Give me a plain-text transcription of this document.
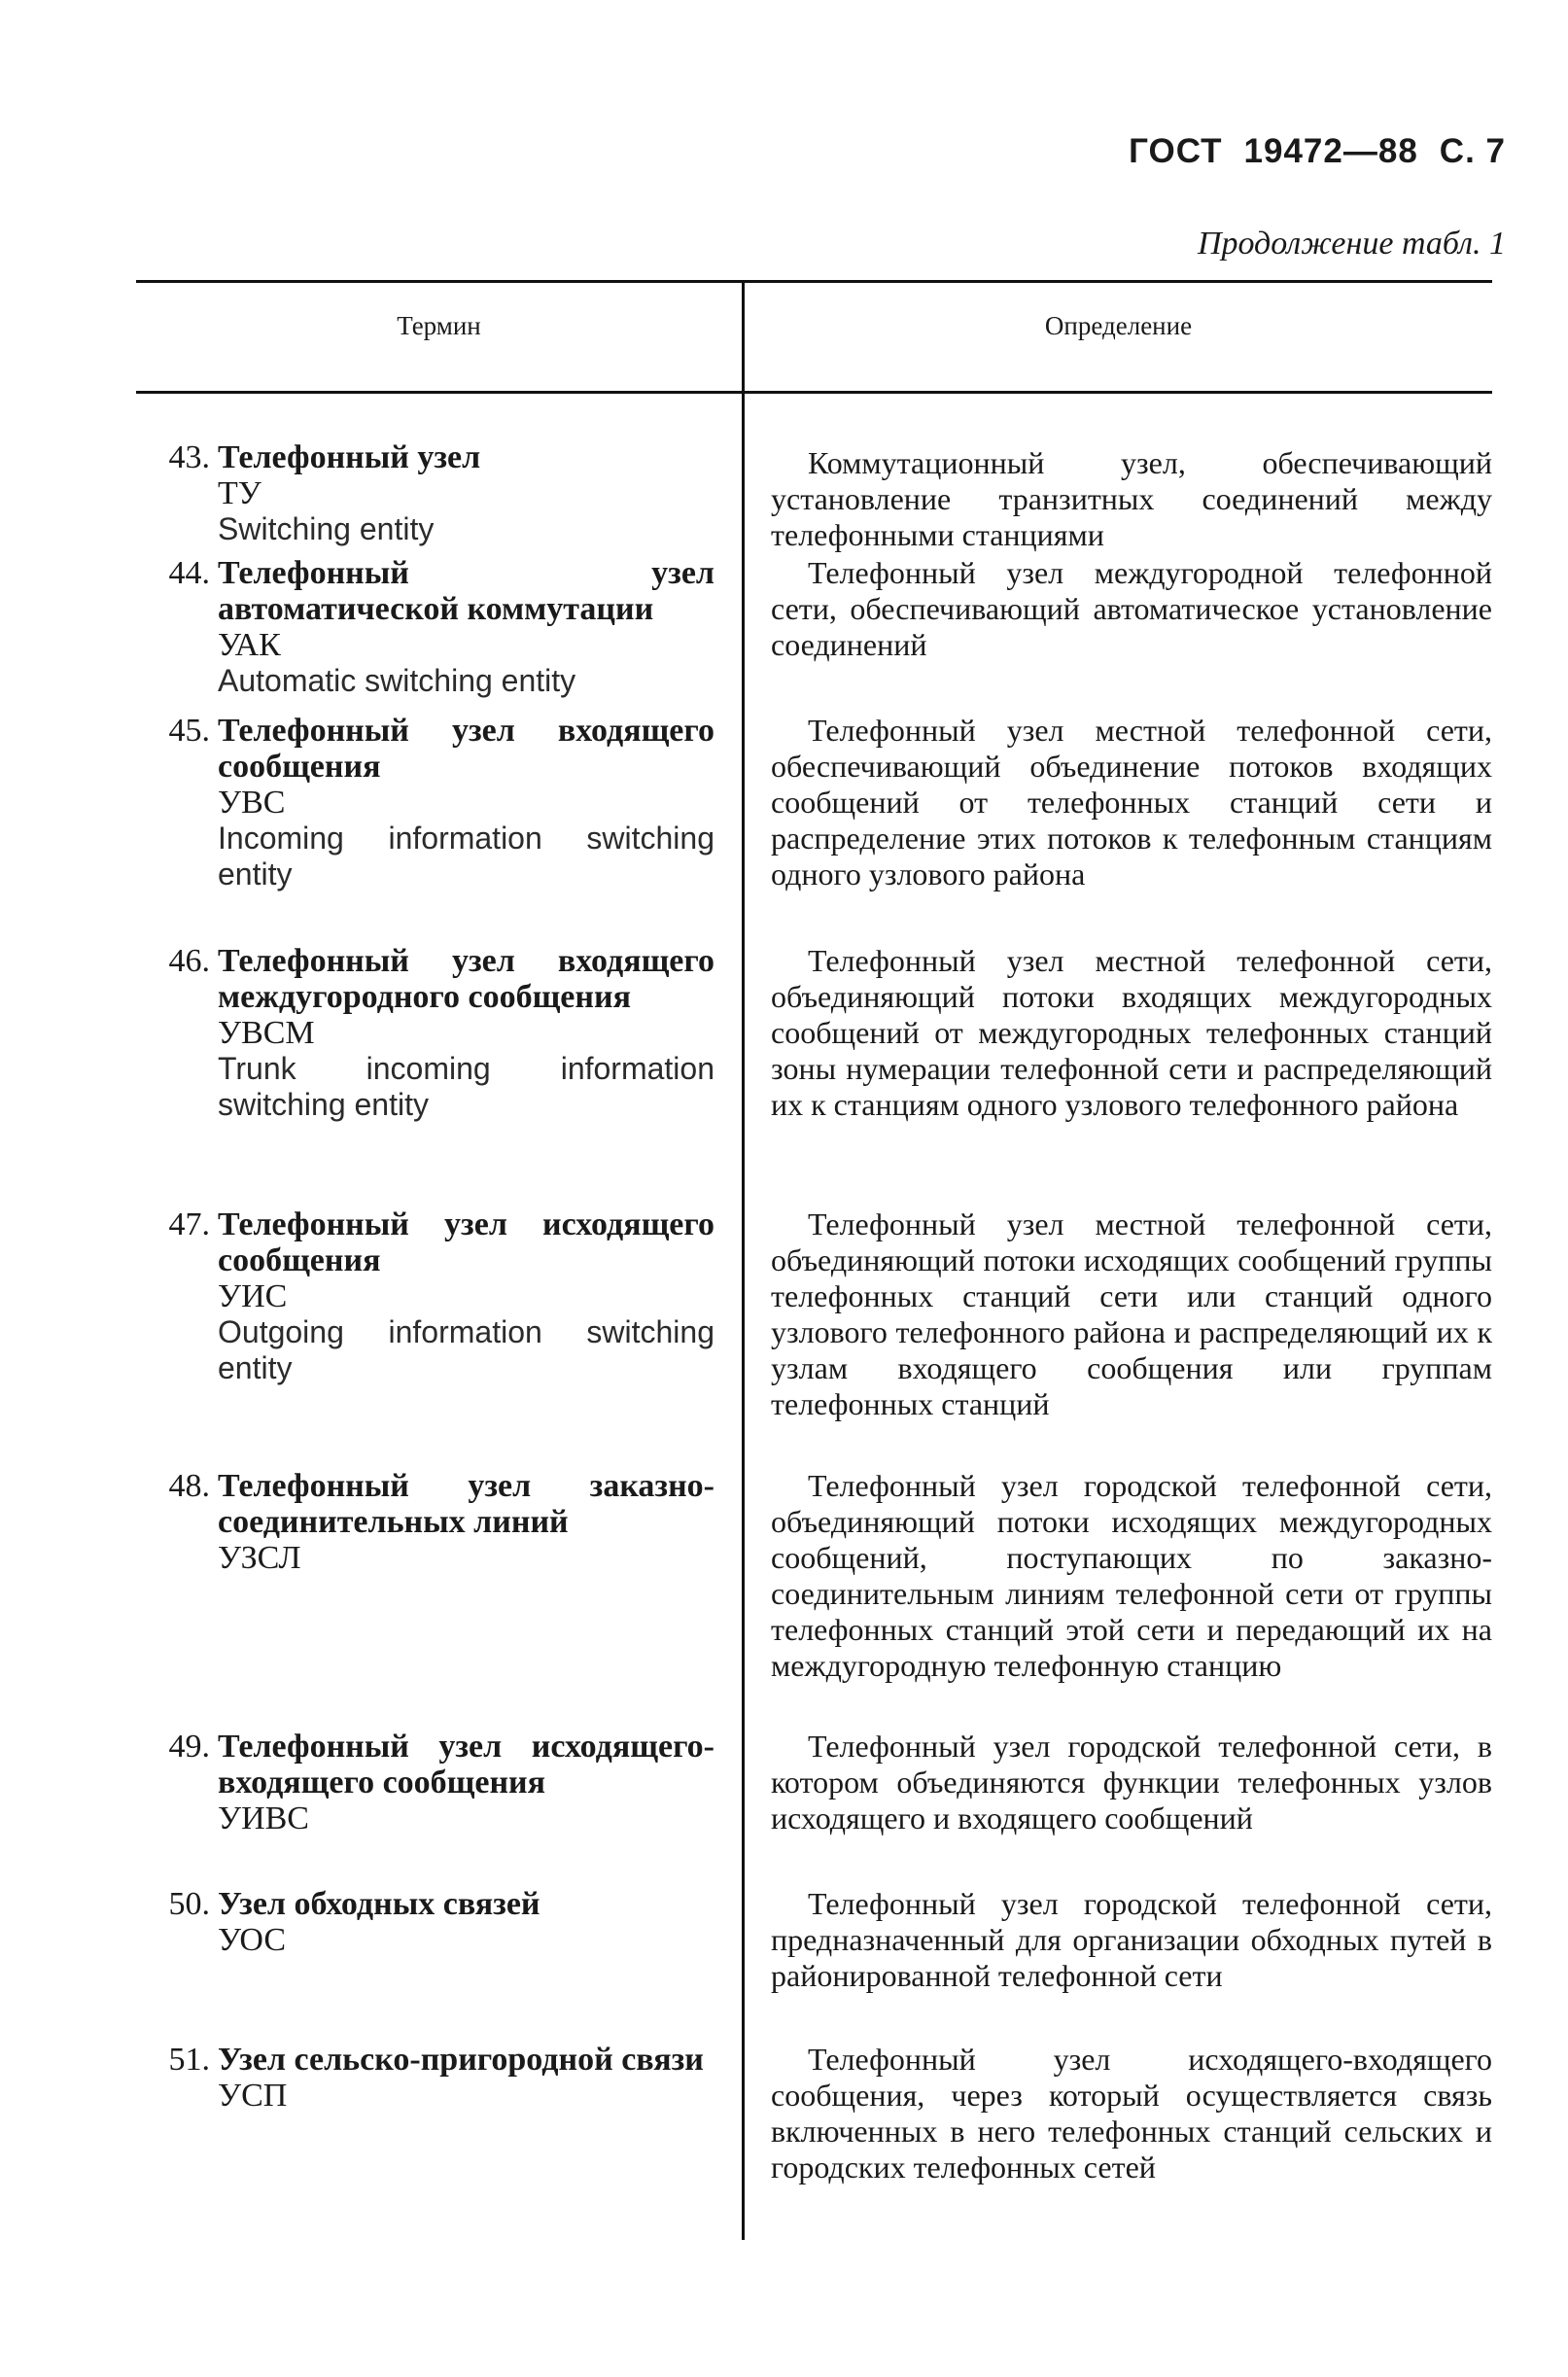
ГОСТ 19472—88 С. 7
Продолжение табл. 1
Термин	Определение
43. Телефонный узел
ТУ
Switching entity
Коммутационный узел, обеспечивающий установление транзитных соединений между телефонными станциями
44. Телефонный узел автоматической коммутации
УАК
Automatic switching entity
Телефонный узел междугородной телефонной сети, обеспечивающий автоматическое установление соединений
45. Телефонный узел входящего сообщения
УВС
Incoming information switching entity
Телефонный узел местной телефонной сети, обеспечивающий объединение потоков входящих сообщений от телефонных станций сети и распределение этих потоков к телефонным станциям одного узлового района
46. Телефонный узел входящего междугородного сообщения
УВСМ
Trunk incoming information switching entity
Телефонный узел местной телефонной сети, объединяющий потоки входящих междугородных сообщений от междугородных телефонных станций зоны нумерации телефонной сети и распределяющий их к станциям одного узлового телефонного района
47. Телефонный узел исходящего сообщения
УИС
Outgoing information switching entity
Телефонный узел местной телефонной сети, объединяющий потоки исходящих сообщений группы телефонных станций сети или станций одного узлового телефонного района и распределяющий их к узлам входящего сообщения или группам телефонных станций
48. Телефонный узел заказно-соединительных линий
УЗСЛ
Телефонный узел городской телефонной сети, объединяющий потоки исходящих междугородных сообщений, поступающих по заказно-соединительным линиям телефонной сети от группы телефонных станций этой сети и передающий их на междугородную телефонную станцию
49. Телефонный узел исходящего-входящего сообщения
УИВС
Телефонный узел городской телефонной сети, в котором объединяются функции телефонных узлов исходящего и входящего сообщений
50. Узел обходных связей
УОС
Телефонный узел городской телефонной сети, предназначенный для организации обходных путей в районированной телефонной сети
51. Узел сельско-пригородной связи
УСП
Телефонный узел исходящего-входящего сообщения, через который осуществляется связь включенных в него телефонных станций сельских и городских телефонных сетей
